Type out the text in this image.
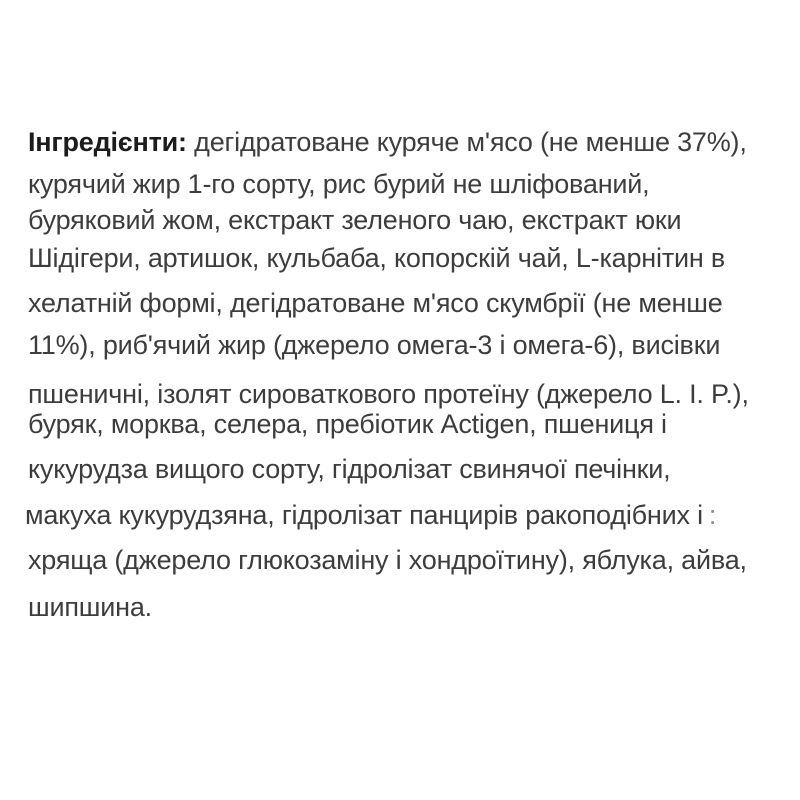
Інгредієнти: дегідратоване куряче м'ясо (не менше 37%),
курячий жир 1-го сорту, рис бурий не шліфований,
буряковий жом, екстракт зеленого чаю, екстракт юки
Шідігери, артишок, кульбаба, копорскій чай, L-карнітин в
хелатній формі, дегідратоване м'ясо скумбрії (не менше
11%), риб'ячий жир (джерело омега-3 і омега-6), висівки
пшеничні, ізолят сироваткового протеїну (джерело L. I. P.),
буряк, морква, селера, пребіотик Actigen, пшениця і
кукурудза вищого сорту, гідролізат свинячої печінки,
макуха кукурудзяна, гідролізат панцирів ракоподібних і :
хряща (джерело глюкозаміну і хондроїтину), яблука, айва,
шипшина.
